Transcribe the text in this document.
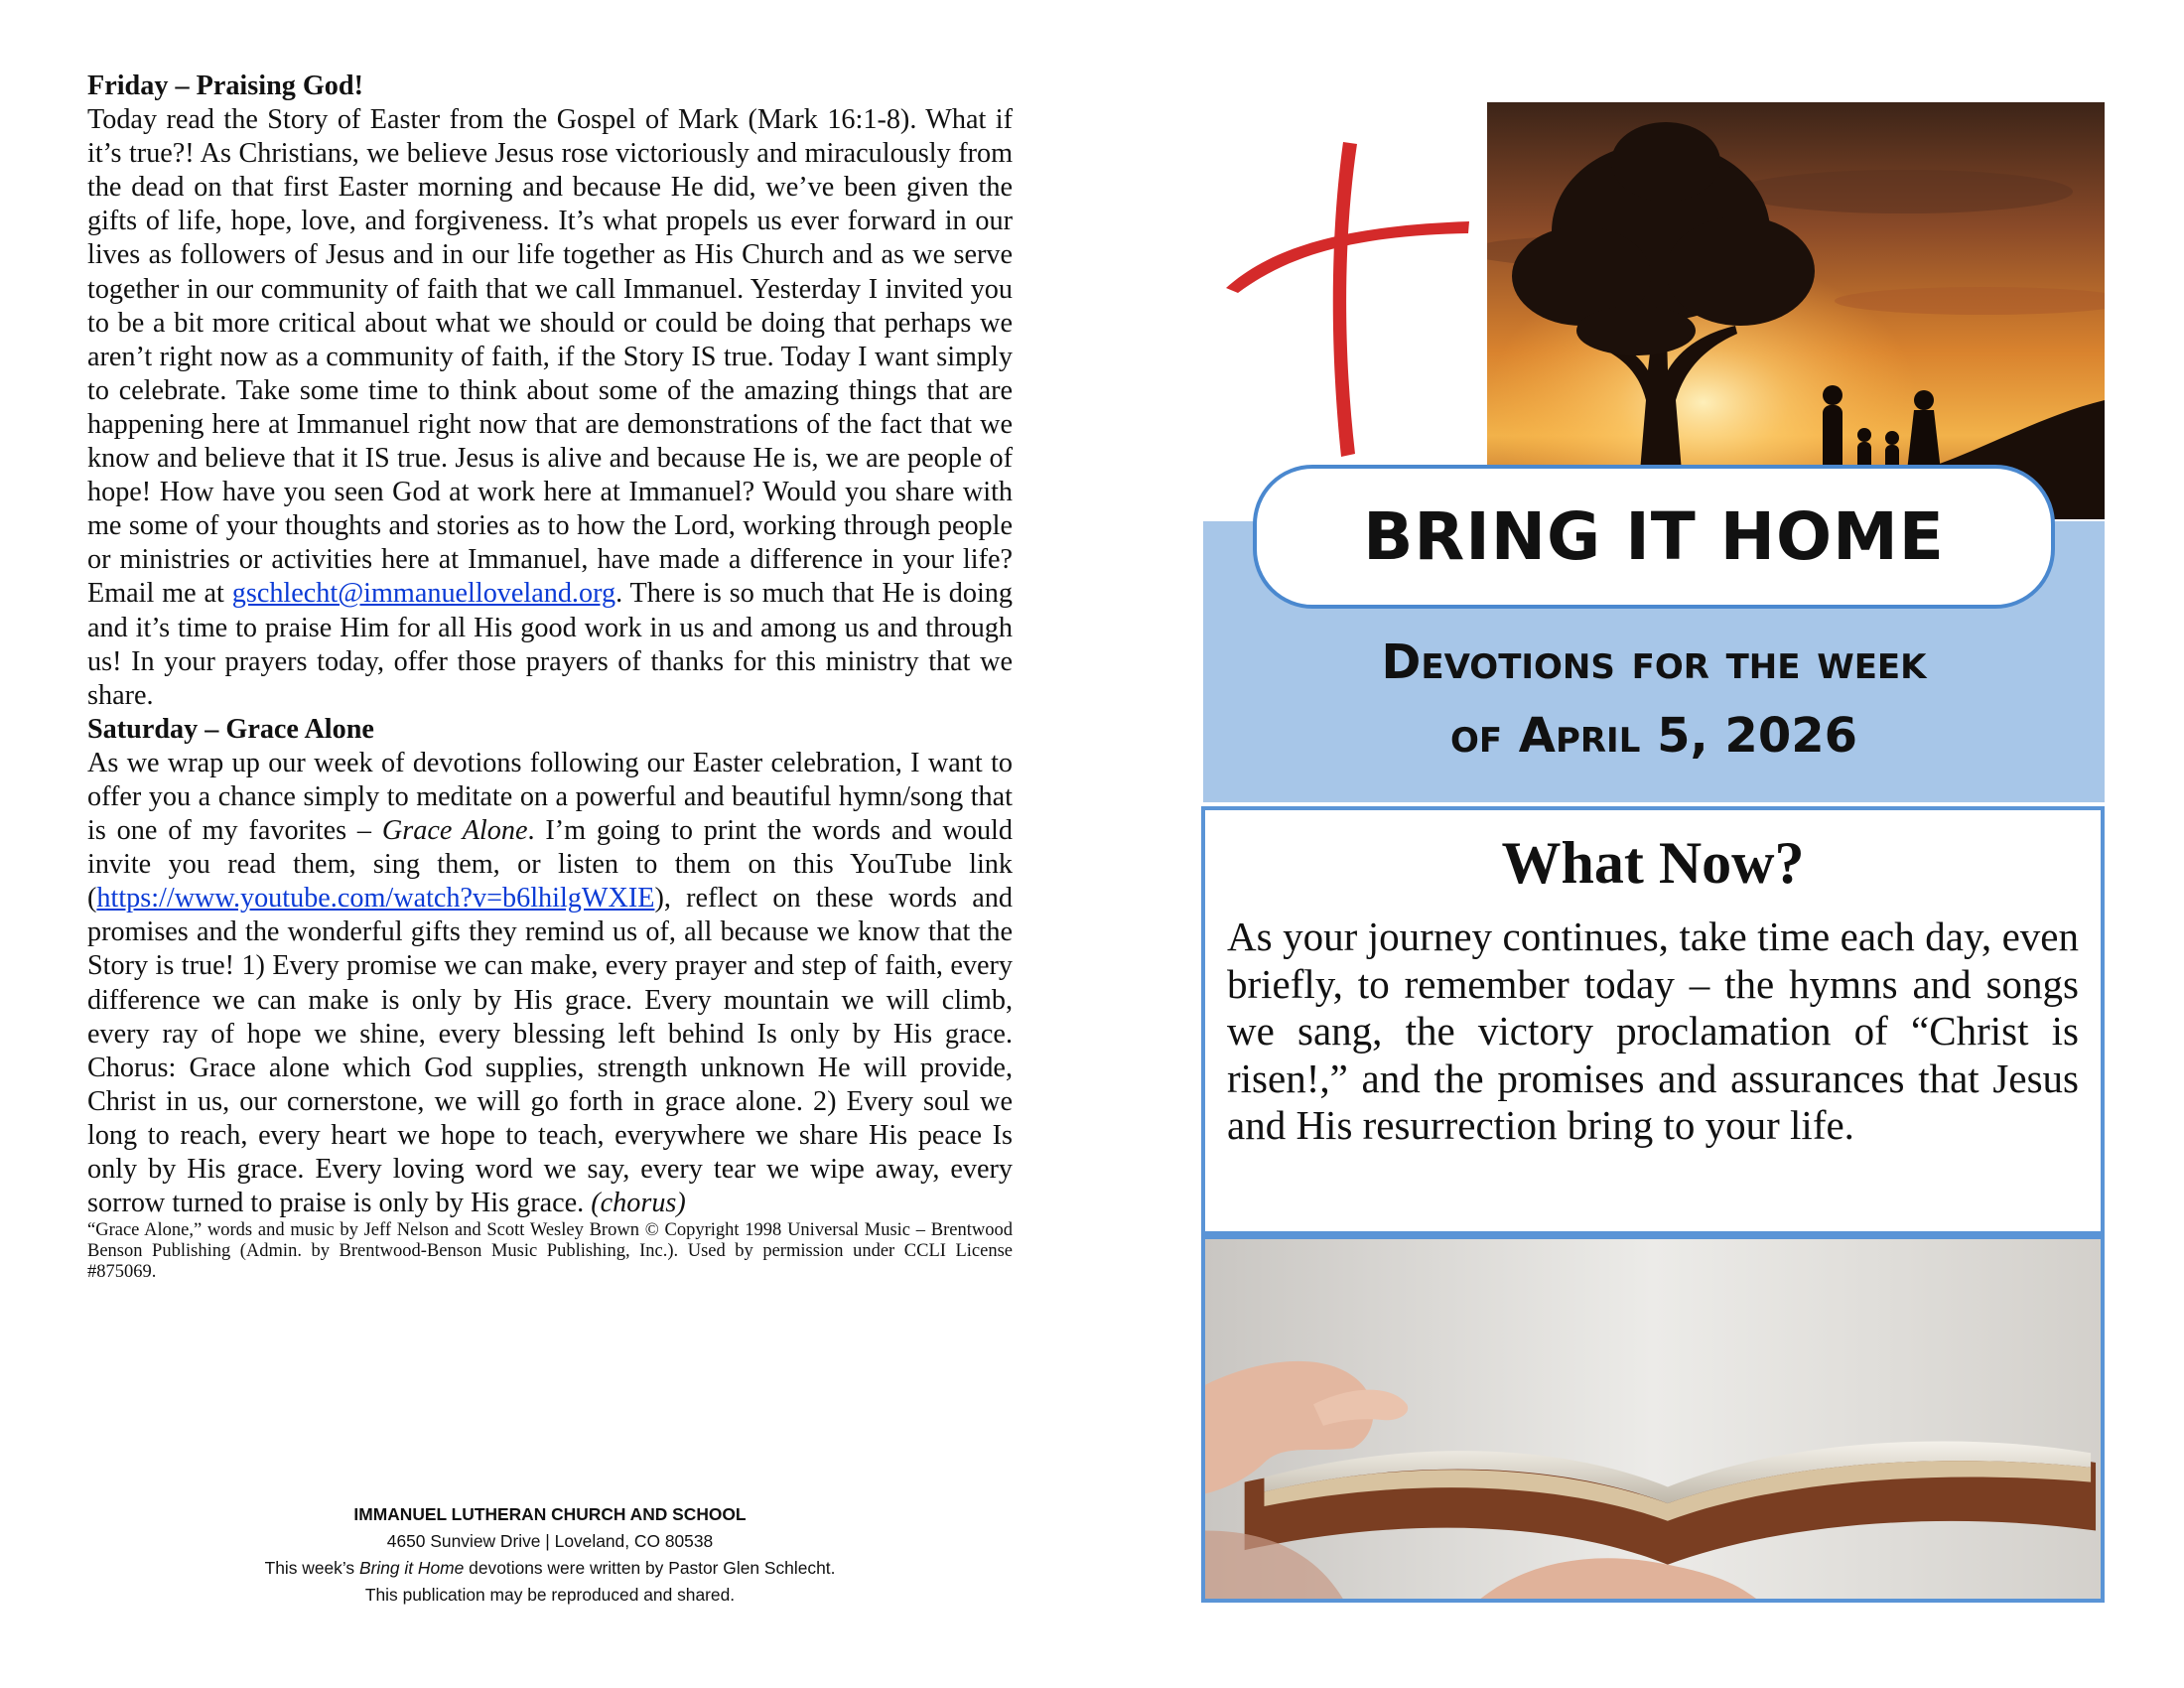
Friday – Praising God!

Today read the Story of Easter from the Gospel of Mark (Mark 16:1-8). What if it’s true?! As Christians, we believe Jesus rose victoriously and miraculously from the dead on that first Easter morning and because He did, we’ve been given the gifts of life, hope, love, and forgiveness. It’s what propels us ever forward in our lives as followers of Jesus and in our life together as His Church and as we serve together in our community of faith that we call Immanuel. Yesterday I invited you to be a bit more critical about what we should or could be doing that perhaps we aren’t right now as a community of faith, if the Story IS true. Today I want simply to celebrate. Take some time to think about some of the amazing things that are happening here at Immanuel right now that are demonstrations of the fact that we know and believe that it IS true. Jesus is alive and because He is, we are people of hope! How have you seen God at work here at Immanuel? Would you share with me some of your thoughts and stories as to how the Lord, working through people or ministries or activities here at Immanuel, have made a difference in your life? Email me at gschlecht@immanuelloveland.org. There is so much that He is doing and it’s time to praise Him for all His good work in us and among us and through us! In your prayers today, offer those prayers of thanks for this ministry that we share.

Saturday – Grace Alone

As we wrap up our week of devotions following our Easter celebration, I want to offer you a chance simply to meditate on a powerful and beautiful hymn/song that is one of my favorites – Grace Alone. I’m going to print the words and would invite you read them, sing them, or listen to them on this YouTube link (https://www.youtube.com/watch?v=b6lhilgWXIE), reflect on these words and promises and the wonderful gifts they remind us of, all because we know that the Story is true! 1) Every promise we can make, every prayer and step of faith, every difference we can make is only by His grace. Every mountain we will climb, every ray of hope we shine, every blessing left behind Is only by His grace. Chorus: Grace alone which God supplies, strength unknown He will provide, Christ in us, our cornerstone, we will go forth in grace alone. 2) Every soul we long to reach, every heart we hope to teach, everywhere we share His peace Is only by His grace. Every loving word we say, every tear we wipe away, every sorrow turned to praise is only by His grace. (chorus)

“Grace Alone,” words and music by Jeff Nelson and Scott Wesley Brown © Copyright 1998 Universal Music – Brentwood Benson Publishing (Admin. by Brentwood-Benson Music Publishing, Inc.). Used by permission under CCLI License #875069.

IMMANUEL LUTHERAN CHURCH AND SCHOOL
4650 Sunview Drive | Loveland, CO 80538
This week’s Bring it Home devotions were written by Pastor Glen Schlecht.
This publication may be reproduced and shared.
BRING IT HOME
Devotions for the week
of April 5, 2026
What Now?

As your journey continues, take time each day, even briefly, to remember today – the hymns and songs we sang, the victory proclamation of “Christ is risen!,” and the promises and assurances that Jesus and His resurrection bring to your life.
